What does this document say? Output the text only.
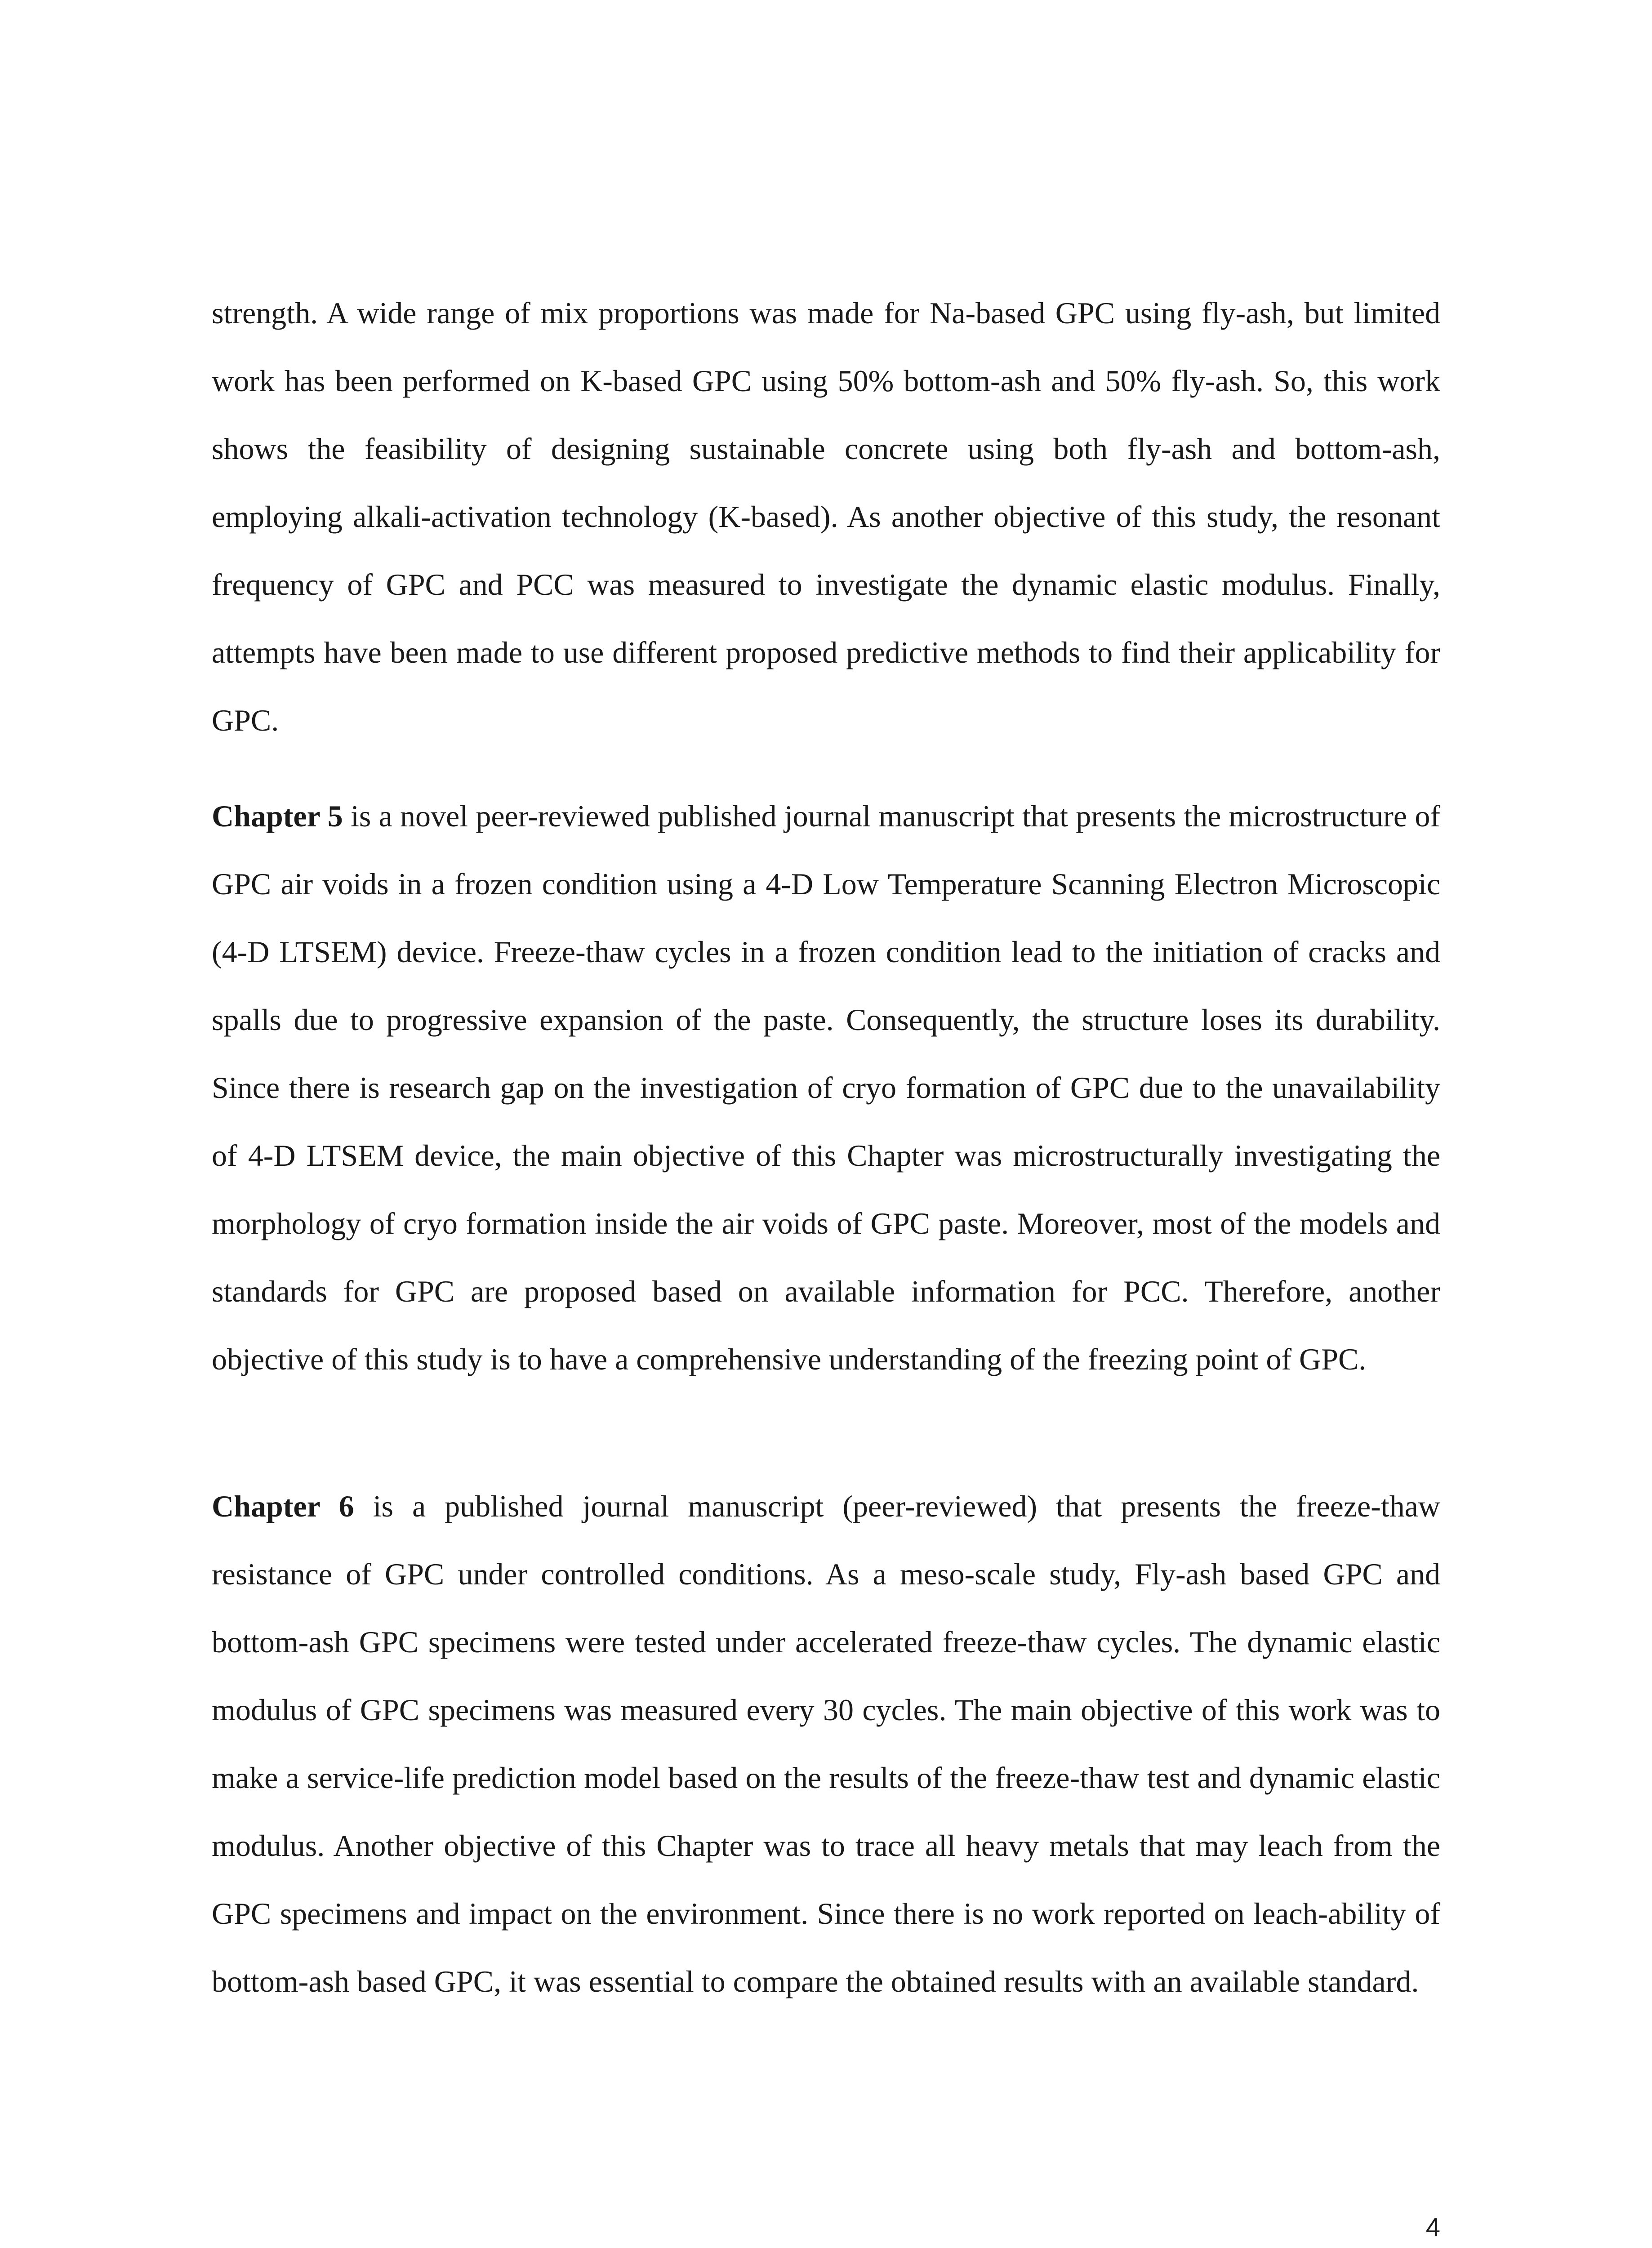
strength. A wide range of mix proportions was made for Na-based GPC using fly-ash, but limited work has been performed on K-based GPC using 50% bottom-ash and 50% fly-ash. So, this work shows the feasibility of designing sustainable concrete using both fly-ash and bottom-ash, employing alkali-activation technology (K-based). As another objective of this study, the resonant frequency of GPC and PCC was measured to investigate the dynamic elastic modulus. Finally, attempts have been made to use different proposed predictive methods to find their applicability for GPC.

Chapter 5 is a novel peer-reviewed published journal manuscript that presents the microstructure of GPC air voids in a frozen condition using a 4-D Low Temperature Scanning Electron Microscopic (4-D LTSEM) device. Freeze-thaw cycles in a frozen condition lead to the initiation of cracks and spalls due to progressive expansion of the paste. Consequently, the structure loses its durability. Since there is research gap on the investigation of cryo formation of GPC due to the unavailability of 4-D LTSEM device, the main objective of this Chapter was microstructurally investigating the morphology of cryo formation inside the air voids of GPC paste. Moreover, most of the models and standards for GPC are proposed based on available information for PCC. Therefore, another objective of this study is to have a comprehensive understanding of the freezing point of GPC.

Chapter 6 is a published journal manuscript (peer-reviewed) that presents the freeze-thaw resistance of GPC under controlled conditions. As a meso-scale study, Fly-ash based GPC and bottom-ash GPC specimens were tested under accelerated freeze-thaw cycles. The dynamic elastic modulus of GPC specimens was measured every 30 cycles. The main objective of this work was to make a service-life prediction model based on the results of the freeze-thaw test and dynamic elastic modulus. Another objective of this Chapter was to trace all heavy metals that may leach from the GPC specimens and impact on the environment. Since there is no work reported on leach-ability of bottom-ash based GPC, it was essential to compare the obtained results with an available standard.

4
